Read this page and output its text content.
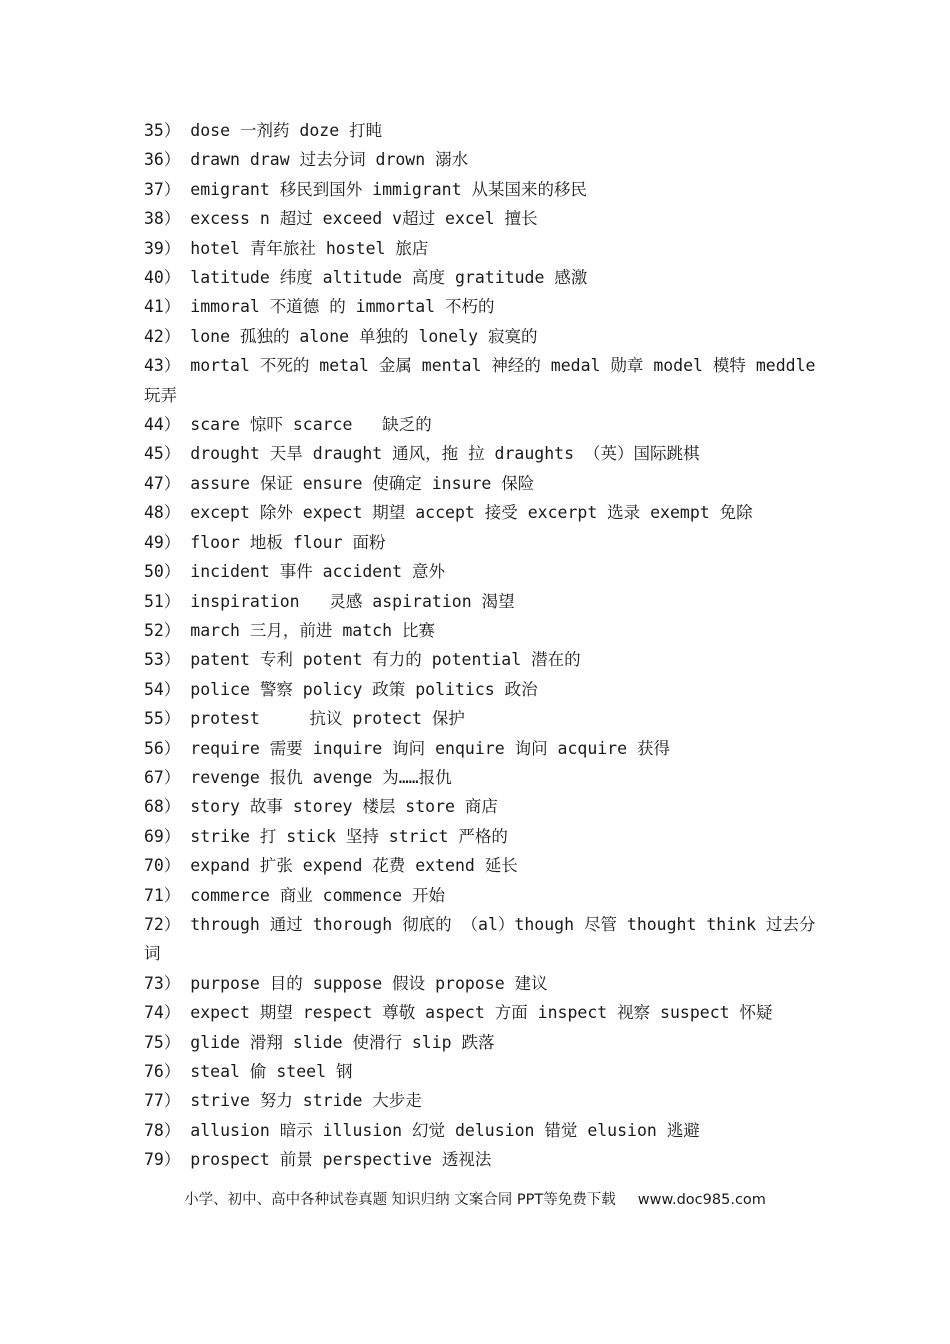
35） dose 一剂药 doze 打盹

36） drawn draw 过去分词 drown 溺水

37） emigrant 移民到国外 immigrant 从某国来的移民

38） excess n 超过 exceed v超过 excel 擅长

39） hotel 青年旅社 hostel 旅店

40） latitude 纬度 altitude 高度 gratitude 感激

41） immoral 不道德 的 immortal 不朽的

42） lone 孤独的 alone 单独的 lonely 寂寞的

43） mortal 不死的 metal 金属 mental 神经的 medal 勋章 model 模特 meddle 玩弄

44） scare 惊吓 scarce   缺乏的

45） drought 天旱 draught 通风，拖 拉 draughts （英）国际跳棋

47） assure 保证 ensure 使确定 insure 保险

48） except 除外 expect 期望 accept 接受 excerpt 选录 exempt 免除

49） floor 地板 flour 面粉

50） incident 事件 accident 意外

51） inspiration   灵感 aspiration 渴望

52） march 三月，前进 match 比赛

53） patent 专利 potent 有力的 potential 潜在的

54） police 警察 policy 政策 politics 政治

55） protest     抗议 protect 保护

56） require 需要 inquire 询问 enquire 询问 acquire 获得

67） revenge 报仇 avenge 为……报仇

68） story 故事 storey 楼层 store 商店

69） strike 打 stick 坚持 strict 严格的

70） expand 扩张 expend 花费 extend 延长

71） commerce 商业 commence 开始

72） through 通过 thorough 彻底的 （al）though 尽管 thought think 过去分词

73） purpose 目的 suppose 假设 propose 建议

74） expect 期望 respect 尊敬 aspect 方面 inspect 视察 suspect 怀疑

75） glide 滑翔 slide 使滑行 slip 跌落

76） steal 偷 steel 钢

77） strive 努力 stride 大步走

78） allusion 暗示 illusion 幻觉 delusion 错觉 elusion 逃避

79） prospect 前景 perspective 透视法

小学、初中、高中各种试卷真题 知识归纳 文案合同 PPT等免费下载 www.doc985.com
